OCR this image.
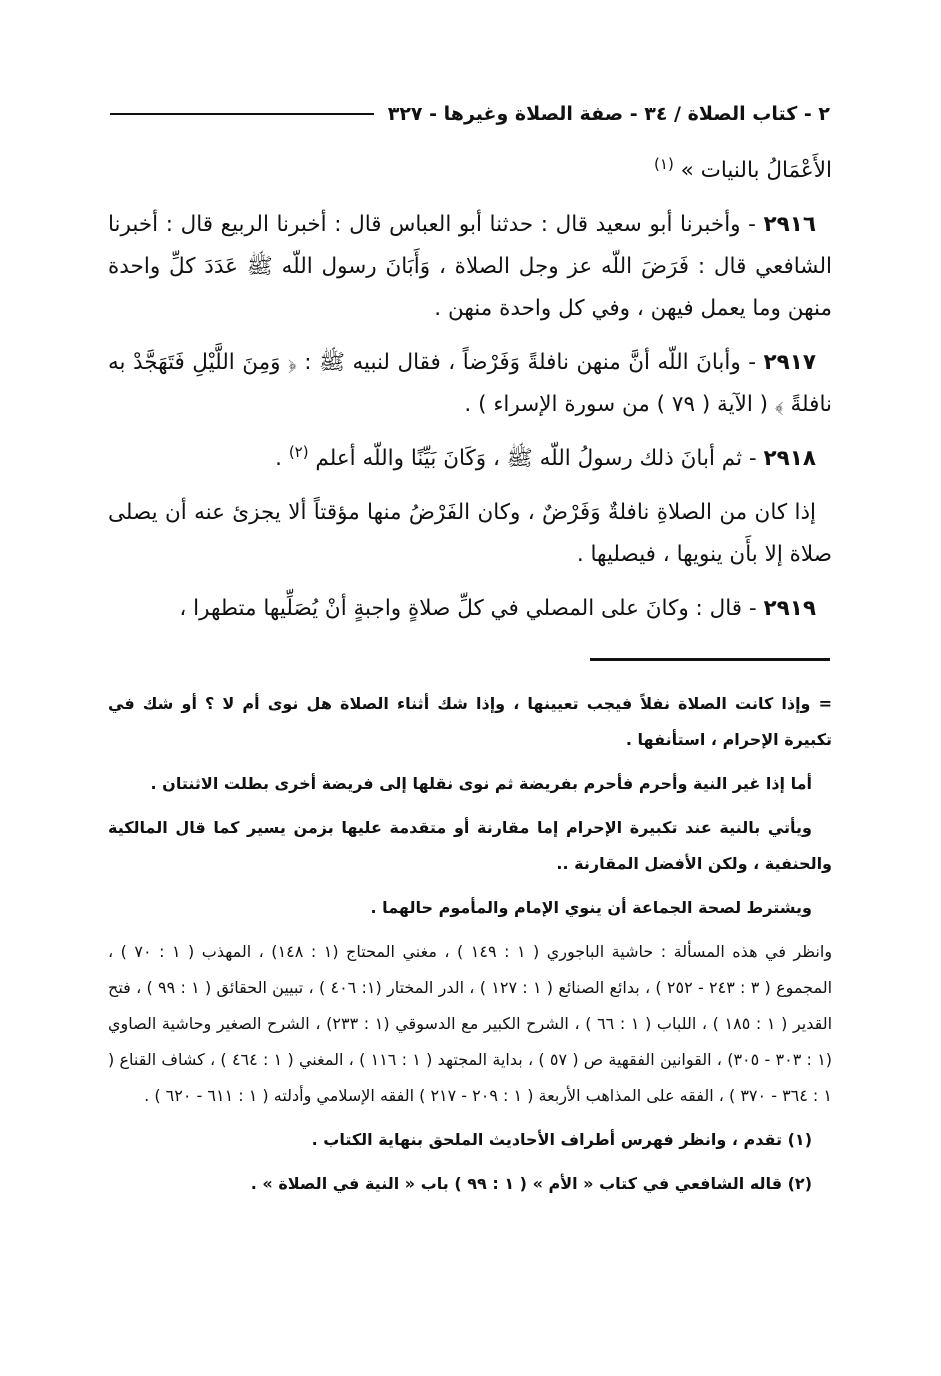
٢ - كتاب الصلاة / ٣٤ - صفة الصلاة وغيرها - ٣٢٧

الأَعْمَالُ بالنيات » $^{(١)}$

٢٩١٦ - وأخبرنا أبو سعيد قال : حدثنا أبو العباس قال : أخبرنا الربيع قال : أخبرنا الشافعي قال : فَرَضَ اللّه عز وجل الصلاة ، وَأَبَانَ رسول اللّه ﷺ عَدَدَ كلِّ واحدة منهن وما يعمل فيهن ، وفي كل واحدة منهن .

٢٩١٧ - وأبانَ اللّه أنَّ منهن نافلةً وَفَرْضاً ، فقال لنبيه ﷺ : ﴿ وَمِنَ اللَّيْلِ فَتَهَجَّدْ به نافلةً ﴾ ( الآية ( ٧٩ ) من سورة الإسراء ) .

٢٩١٨ - ثم أبانَ ذلك رسولُ اللّه ﷺ ، وَكَانَ بَيِّنًا واللّه أعلم $^{(٢)}$ .

إذا كان من الصلاةِ نافلةٌ وَفَرْضٌ ، وكان الفَرْضُ منها مؤقتاً ألا يجزئ عنه أن يصلى صلاة إلا بأَن ينويها ، فيصليها .

٢٩١٩ - قال : وكانَ على المصلي في كلِّ صلاةٍ واجبةٍ أنْ يُصَلِّيها متطهرا ،

= وإذا كانت الصلاة نفلاً فيجب تعيينها ، وإذا شك أثناء الصلاة هل نوى أم لا ؟ أو شك في تكبيرة الإحرام ، استأنفها .

أما إذا غير النية وأحرم فأحرم بفريضة ثم نوى نقلها إلى فريضة أخرى بطلت الاثنتان .

ويأتي بالنية عند تكبيرة الإحرام إما مقارنة أو متقدمة عليها بزمن يسير كما قال المالكية والحنفية ، ولكن الأفضل المقارنة ..

ويشترط لصحة الجماعة أن ينوي الإمام والمأموم حالهما .

وانظر في هذه المسألة : حاشية الباجوري ( ١ : ١٤٩ ) ، مغني المحتاج (١ : ١٤٨) ، المهذب ( ١ : ٧٠ ) ، المجموع ( ٣ : ٢٤٣ - ٢٥٢ ) ، بدائع الصنائع ( ١ : ١٢٧ ) ، الدر المختار (١: ٤٠٦ ) ، تبيين الحقائق ( ١ : ٩٩ ) ، فتح القدير ( ١ : ١٨٥ ) ، اللباب ( ١ : ٦٦ ) ، الشرح الكبير مع الدسوقي (١ : ٢٣٣) ، الشرح الصغير وحاشية الصاوي (١ : ٣٠٣ - ٣٠٥) ، القوانين الفقهية ص ( ٥٧ ) ، بداية المجتهد ( ١ : ١١٦ ) ، المغني ( ١ : ٤٦٤ ) ، كشاف القناع ( ١ : ٣٦٤ - ٣٧٠ ) ، الفقه على المذاهب الأربعة ( ١ : ٢٠٩ - ٢١٧ ) الفقه الإسلامي وأدلته ( ١ : ٦١١ - ٦٢٠ ) .

(١) تقدم ، وانظر فهرس أطراف الأحاديث الملحق بنهاية الكتاب .

(٢) قاله الشافعي في كتاب « الأم » ( ١ : ٩٩ ) باب « النية في الصلاة » .
